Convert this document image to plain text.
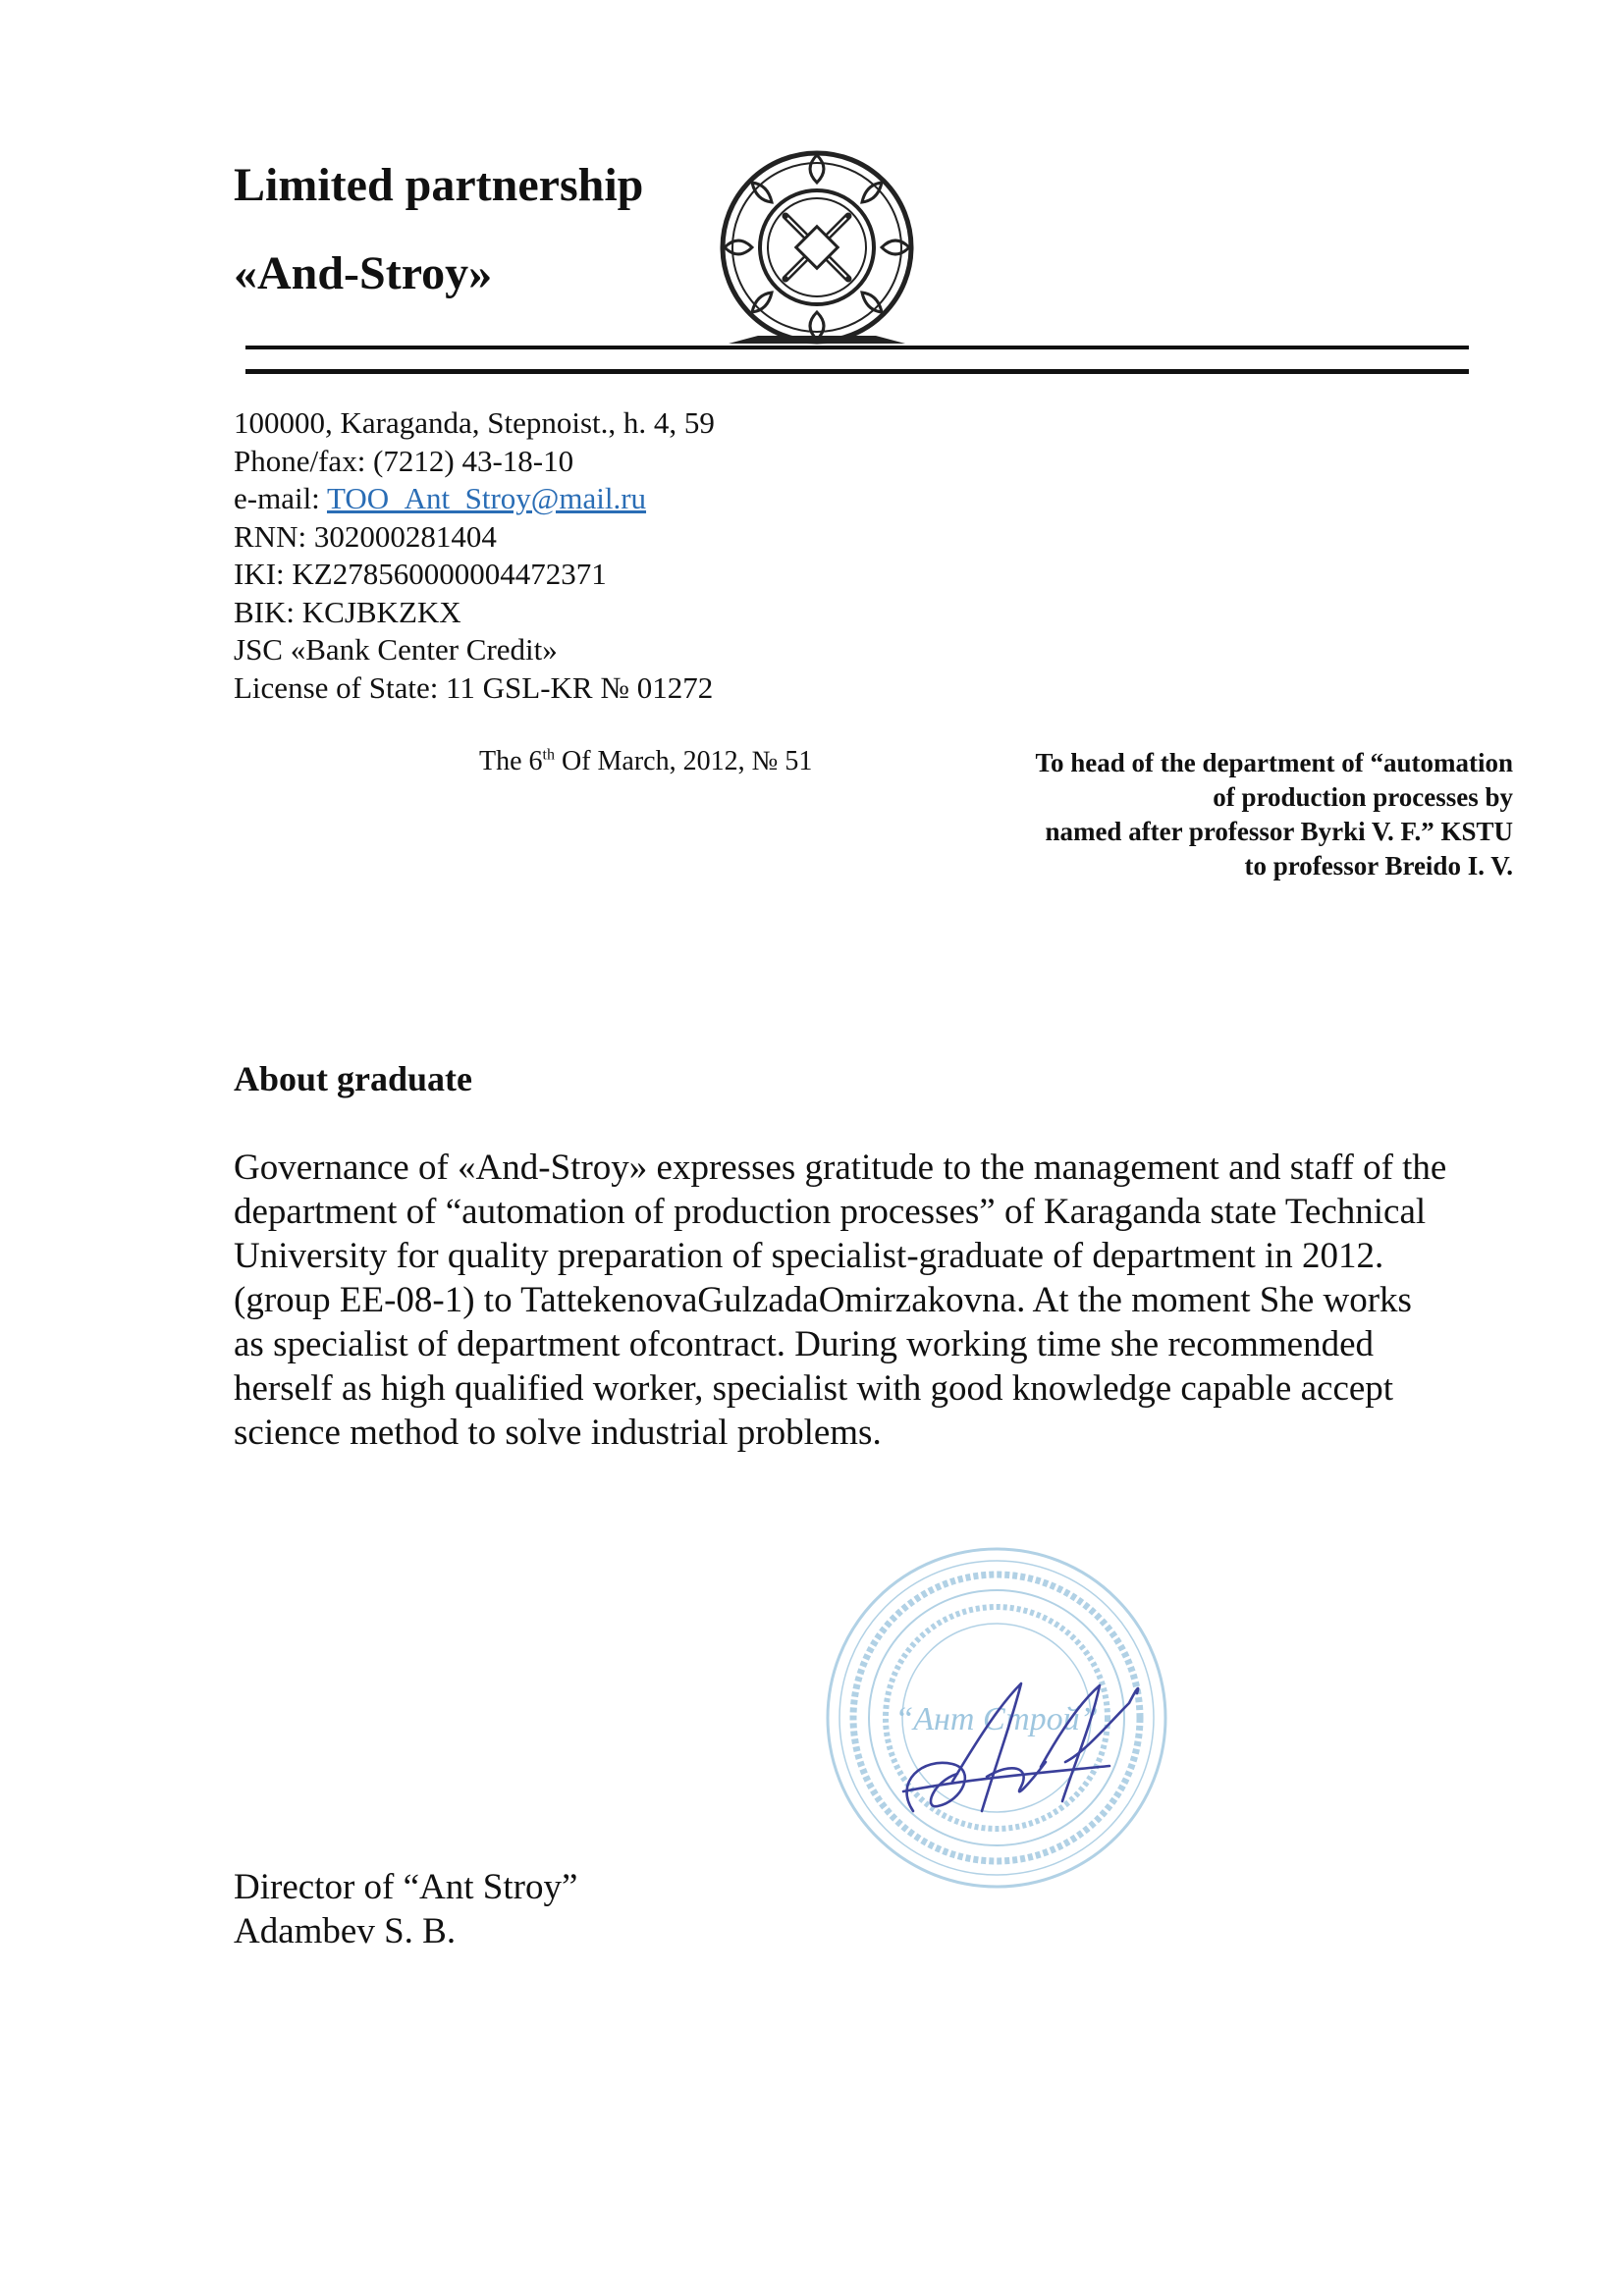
Limited partnership
«And-Stroy»
100000, Karaganda, Stepnoist., h. 4, 59
Phone/fax: (7212) 43-18-10
e-mail: TOO_Ant_Stroy@mail.ru
RNN: 302000281404
IKI: KZ278560000004472371
BIK: KCJBKZKX
JSC «Bank Center Credit»
License of State: 11 GSL-KR № 01272
The 6th Of March, 2012, № 51	To head of the department of “automation
of production processes by
named after professor Byrki V. F.” KSTU
to professor Breido I. V.
About graduate
Governance of «And-Stroy» expresses gratitude to the management and staff of the
department of “automation of production processes” of Karaganda state Technical
University for quality preparation of specialist-graduate of department in 2012.
(group EE-08-1) to TattekenovaGulzadaOmirzakovna. At the moment She works
as specialist of department ofcontract. During working time she recommended
herself as high qualified worker, specialist with good knowledge capable accept
science method to solve industrial problems.
“Ант Строй”
Director of “Ant Stroy”
Adambev S. B.
